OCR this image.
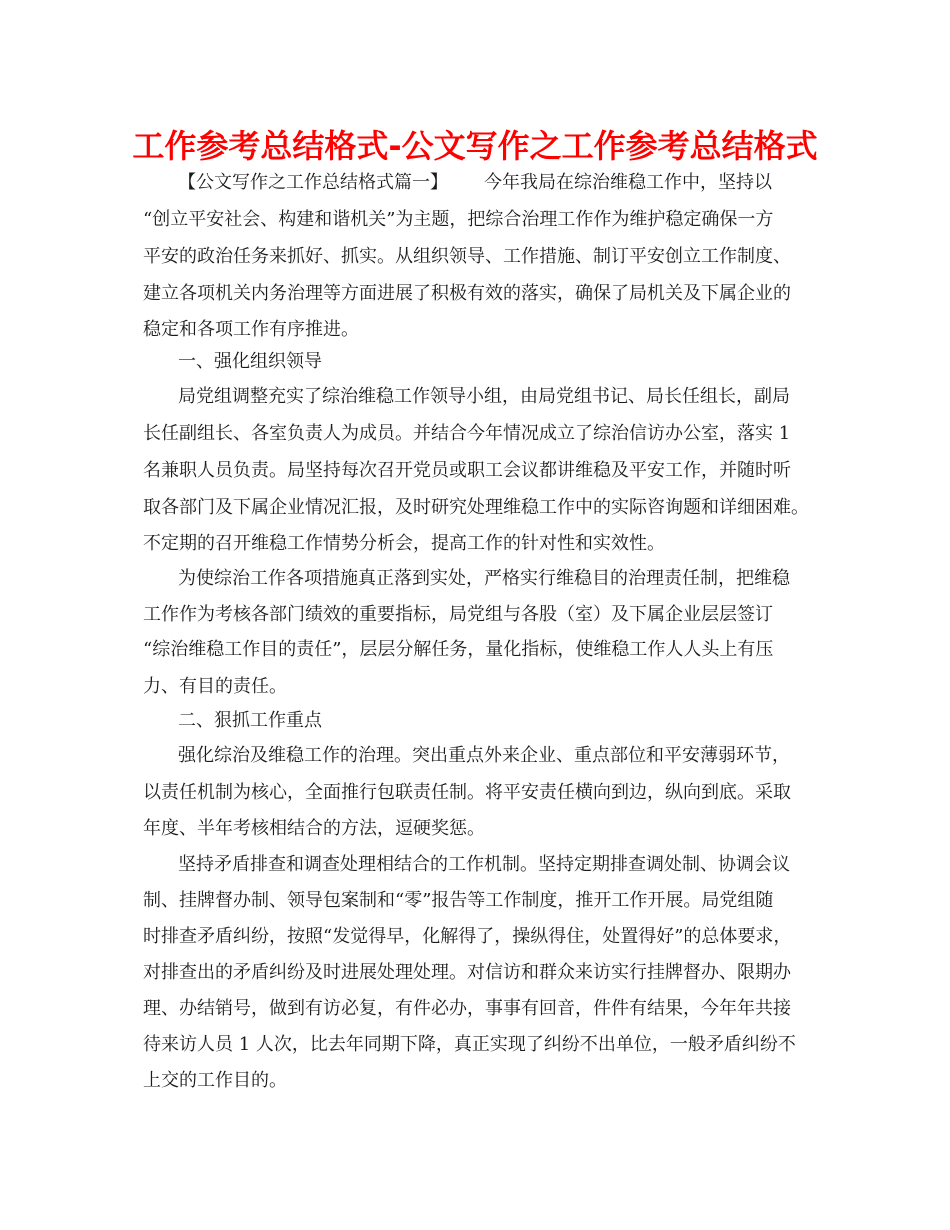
工作参考总结格式-公文写作之工作参考总结格式

【公文写作之工作总结格式篇一】 今年我局在综治维稳工作中，坚持以

“创立平安社会、构建和谐机关”为主题，把综合治理工作作为维护稳定确保一方

平安的政治任务来抓好、抓实。从组织领导、工作措施、制订平安创立工作制度、

建立各项机关内务治理等方面进展了积极有效的落实，确保了局机关及下属企业的

稳定和各项工作有序推进。

一、强化组织领导

局党组调整充实了综治维稳工作领导小组，由局党组书记、局长任组长，副局

长任副组长、各室负责人为成员。并结合今年情况成立了综治信访办公室，落实 1

名兼职人员负责。局坚持每次召开党员或职工会议都讲维稳及平安工作，并随时听

取各部门及下属企业情况汇报，及时研究处理维稳工作中的实际咨询题和详细困难。

不定期的召开维稳工作情势分析会，提高工作的针对性和实效性。

为使综治工作各项措施真正落到实处，严格实行维稳目的治理责任制，把维稳

工作作为考核各部门绩效的重要指标，局党组与各股（室）及下属企业层层签订

“综治维稳工作目的责任”，层层分解任务，量化指标，使维稳工作人人头上有压

力、有目的责任。

二、狠抓工作重点

强化综治及维稳工作的治理。突出重点外来企业、重点部位和平安薄弱环节，

以责任机制为核心，全面推行包联责任制。将平安责任横向到边，纵向到底。采取

年度、半年考核相结合的方法，逗硬奖惩。

坚持矛盾排查和调查处理相结合的工作机制。坚持定期排查调处制、协调会议

制、挂牌督办制、领导包案制和“零”报告等工作制度，推开工作开展。局党组随

时排查矛盾纠纷，按照“发觉得早，化解得了，操纵得住，处置得好”的总体要求，

对排查出的矛盾纠纷及时进展处理处理。对信访和群众来访实行挂牌督办、限期办

理、办结销号，做到有访必复，有件必办，事事有回音，件件有结果，今年年共接

待来访人员 1 人次，比去年同期下降，真正实现了纠纷不出单位，一般矛盾纠纷不

上交的工作目的。
